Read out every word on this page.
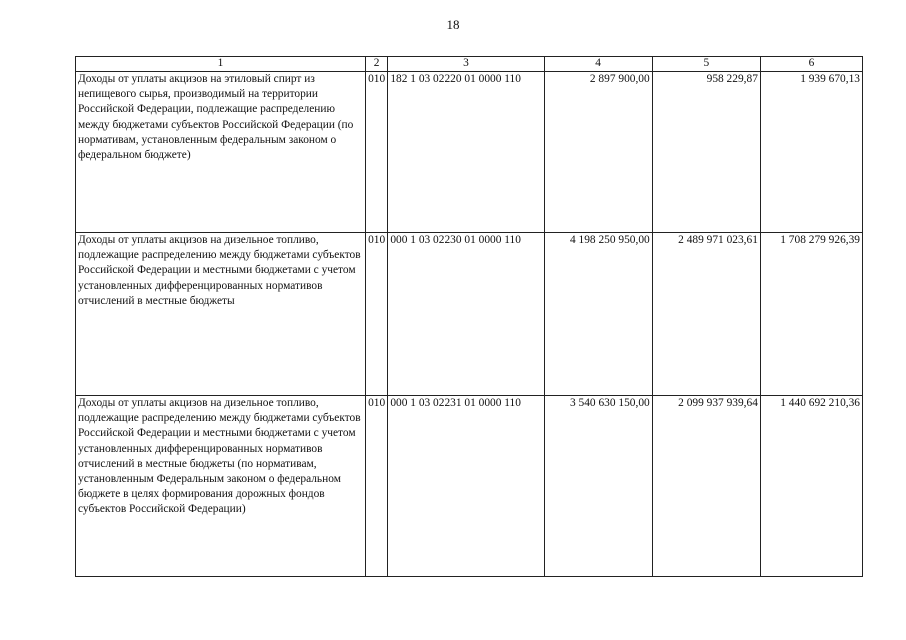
18
1	2	3	4	5	6
Доходы от уплаты акцизов на этиловый спирт из непищевого сырья, производимый на территории Российской Федерации, подлежащие распределению между бюджетами субъектов Российской Федерации (по нормативам, установленным федеральным законом о федеральном бюджете)	010	182 1 03 02220 01 0000 110	2 897 900,00	958 229,87	1 939 670,13
Доходы от уплаты акцизов на дизельное топливо, подлежащие распределению между бюджетами субъектов Российской Федерации и местными бюджетами с учетом установленных дифференцированных нормативов отчислений в местные бюджеты	010	000 1 03 02230 01 0000 110	4 198 250 950,00	2 489 971 023,61	1 708 279 926,39
Доходы от уплаты акцизов на дизельное топливо, подлежащие распределению между бюджетами субъектов Российской Федерации и местными бюджетами с учетом установленных дифференцированных нормативов отчислений в местные бюджеты (по нормативам, установленным Федеральным законом о федеральном бюджете в целях формирования дорожных фондов субъектов Российской Федерации)	010	000 1 03 02231 01 0000 110	3 540 630 150,00	2 099 937 939,64	1 440 692 210,36
